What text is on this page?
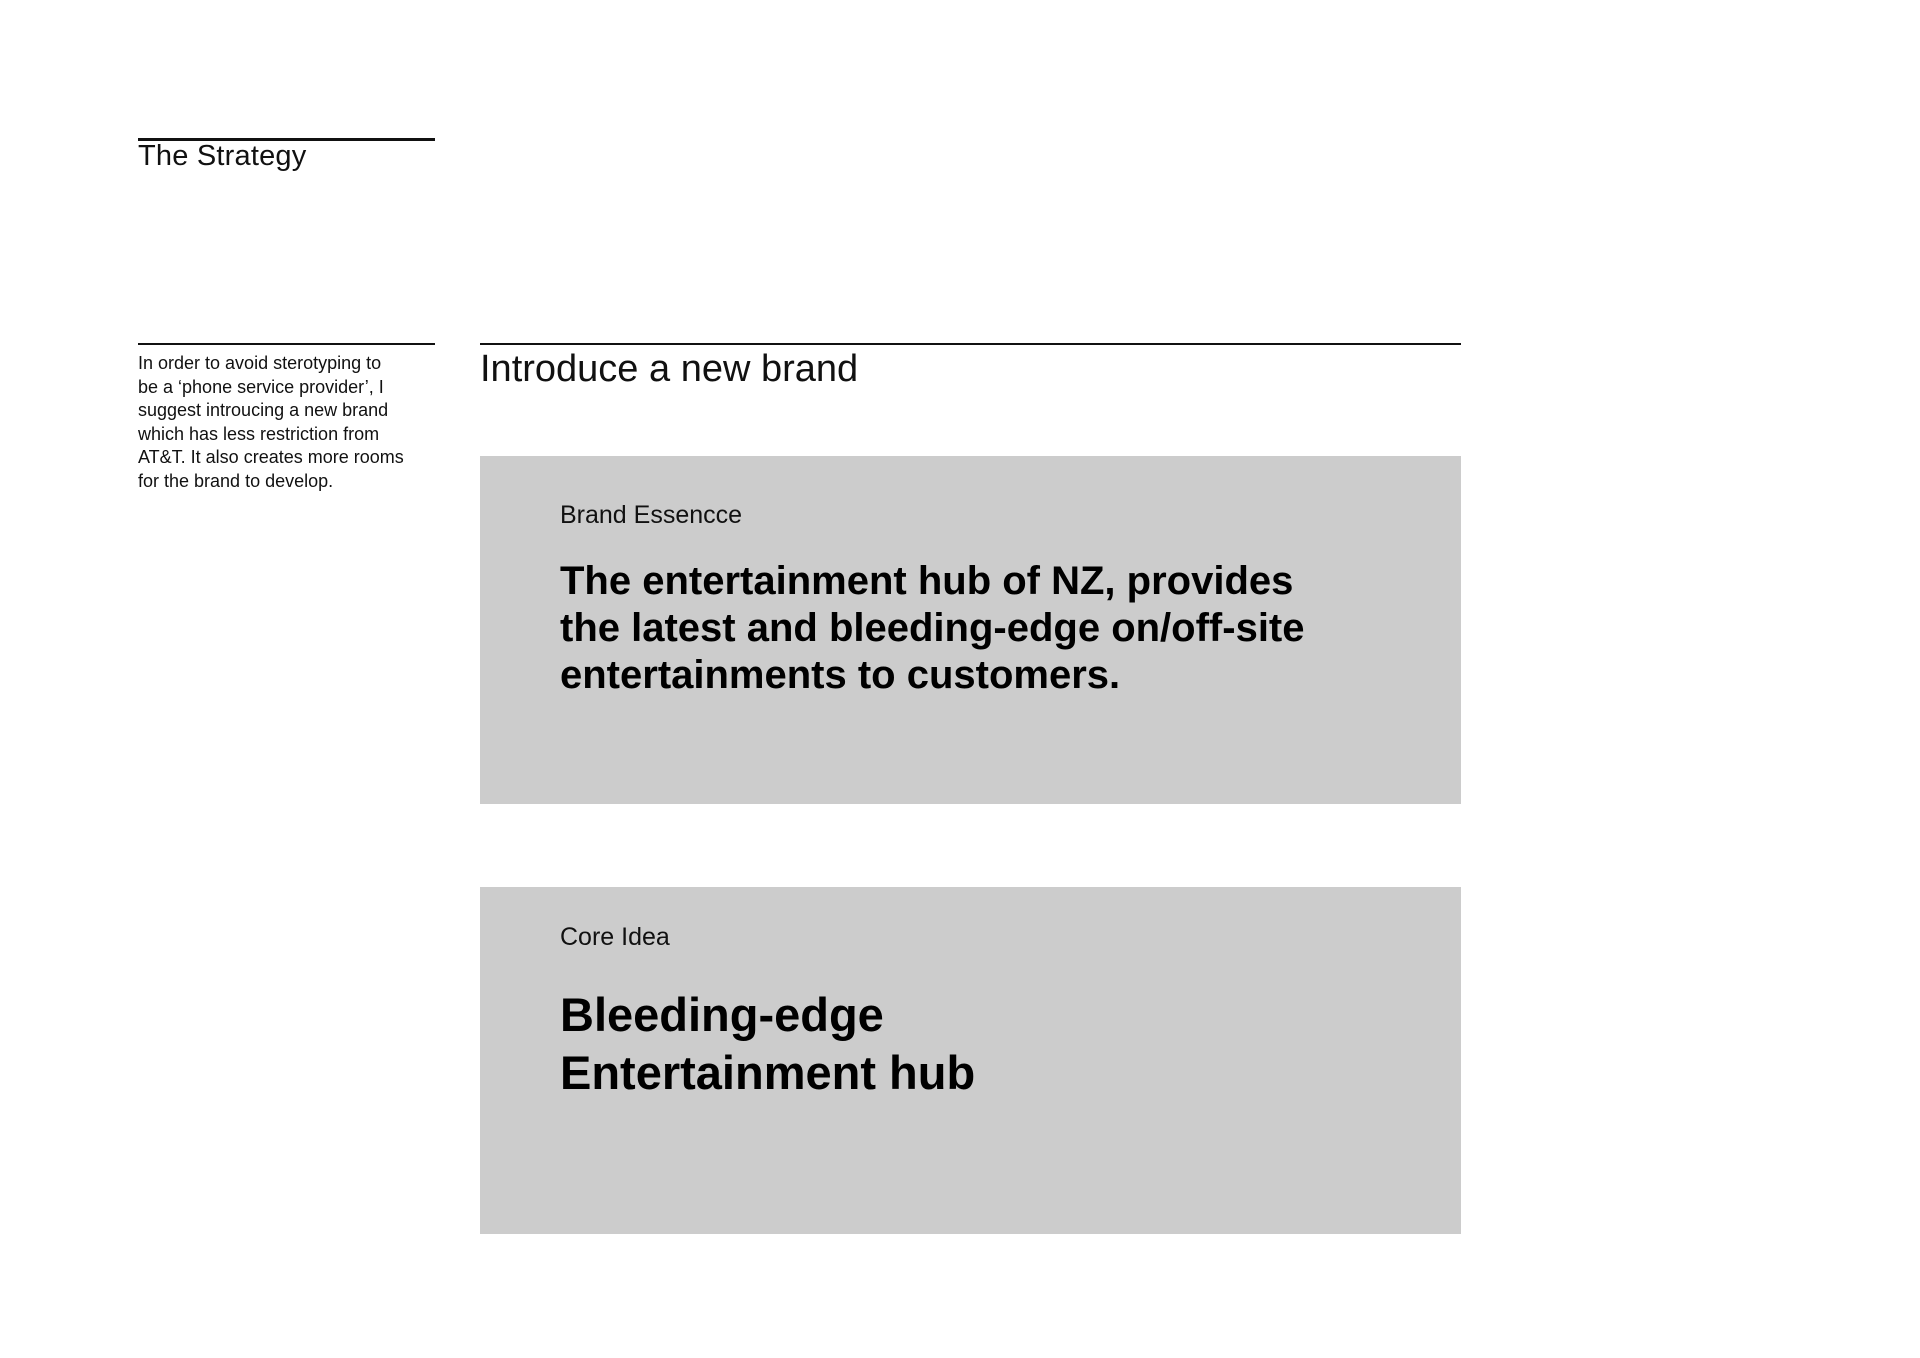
The Strategy
In order to avoid sterotyping to
be a ‘phone service provider’, I
suggest introucing a new brand
which has less restriction from
AT&T. It also creates more rooms
for the brand to develop.
Introduce a new brand
Brand Essencce
The entertainment hub of NZ, provides
the latest and bleeding-edge on/off-site
entertainments to customers.
Core Idea
Bleeding-edge
Entertainment hub
